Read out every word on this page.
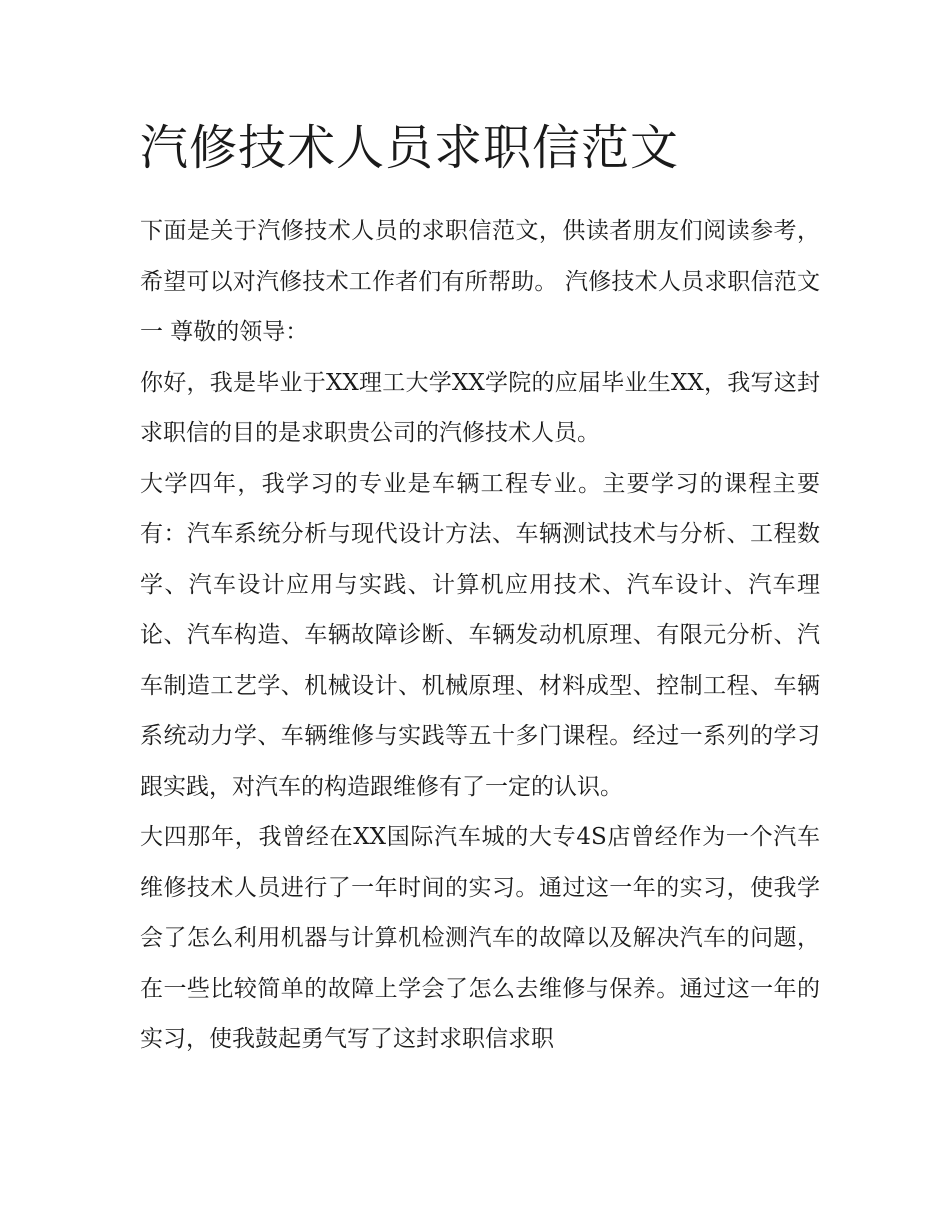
汽修技术人员求职信范文

下面是关于汽修技术人员的求职信范文，供读者朋友们阅读参考，希望可以对汽修技术工作者们有所帮助。 汽修技术人员求职信范文一 尊敬的领导：

你好，我是毕业于XX理工大学XX学院的应届毕业生XX，我写这封求职信的目的是求职贵公司的汽修技术人员。

大学四年，我学习的专业是车辆工程专业。主要学习的课程主要有：汽车系统分析与现代设计方法、车辆测试技术与分析、工程数学、汽车设计应用与实践、计算机应用技术、汽车设计、汽车理论、汽车构造、车辆故障诊断、车辆发动机原理、有限元分析、汽车制造工艺学、机械设计、机械原理、材料成型、控制工程、车辆系统动力学、车辆维修与实践等五十多门课程。经过一系列的学习跟实践，对汽车的构造跟维修有了一定的认识。

大四那年，我曾经在XX国际汽车城的大专4S店曾经作为一个汽车维修技术人员进行了一年时间的实习。通过这一年的实习，使我学会了怎么利用机器与计算机检测汽车的故障以及解决汽车的问题，在一些比较简单的故障上学会了怎么去维修与保养。通过这一年的实习，使我鼓起勇气写了这封求职信求职
